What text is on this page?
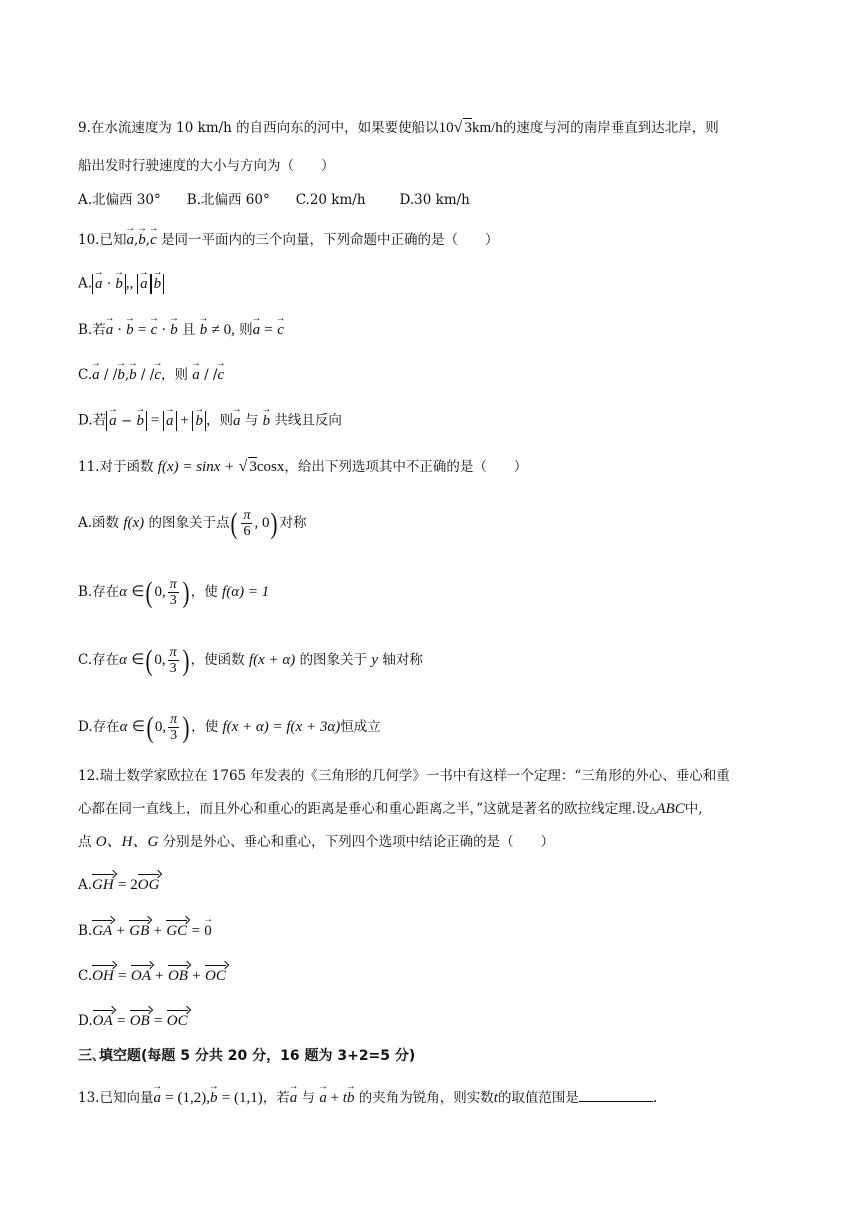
9.在水流速度为 10 km/h 的自西向东的河中，如果要使船以10√ 3km/h的速度与河的南岸垂直到达北岸，则
船出发时行驶速度的大小与方向为（　　）
A.北偏西 30° B.北偏西 60° C.20 km/h	D.30 km/h
10.已知→ a,→ b,→ c 是同一平面内的三个向量，下列命题中正确的是（　　）
A. → a · → b ,, → a → b
B.若→ a · → b = → c · → b 且 → b ≠ 0, 则→ a = → c
C.→ a / /→ b,→ b / /→ c，则 → a / /→ c
D.若 → a − → b = → a + → b ，则→ a 与 → b 共线且反向
11.对于函数 f(x) = sinx + √ 3cosx，给出下列选项其中不正确的是（　　）
A.函数 f(x) 的图象关于点( $\frac{\pi}{6}$ , 0) 对称
B.存在α ∈( 0, $\frac{\pi}{3}$ ) ，使 f(α) = 1
C.存在α ∈( 0, $\frac{\pi}{3}$ ) ，使函数 f(x + α) 的图象关于 y 轴对称
D.存在α ∈( 0, $\frac{\pi}{3}$ ) ，使 f(x + α) = f(x + 3α)恒成立
12.瑞士数学家欧拉在 1765 年发表的《三角形的几何学》一书中有这样一个定理：“三角形的外心、垂心和重
心都在同一直线上，而且外心和重心的距离是垂心和重心距离之半，”这就是著名的欧拉线定理.设△ABC中,
点 O、H、G 分别是外心、垂心和重心，下列四个选项中结论正确的是（　　）
A.GH = 2OG
B.GA + GB + GC = → 0
C.OH = OA + OB + OC
D.OA = OB = OC
三､填空题(每题 5 分共 20 分，16 题为 3+2=5 分)
13.已知向量→ a = (1,2),→ b = (1,1)，若→ a 与 → a + t→ b 的夹角为锐角，则实数t的取值范围是	.
